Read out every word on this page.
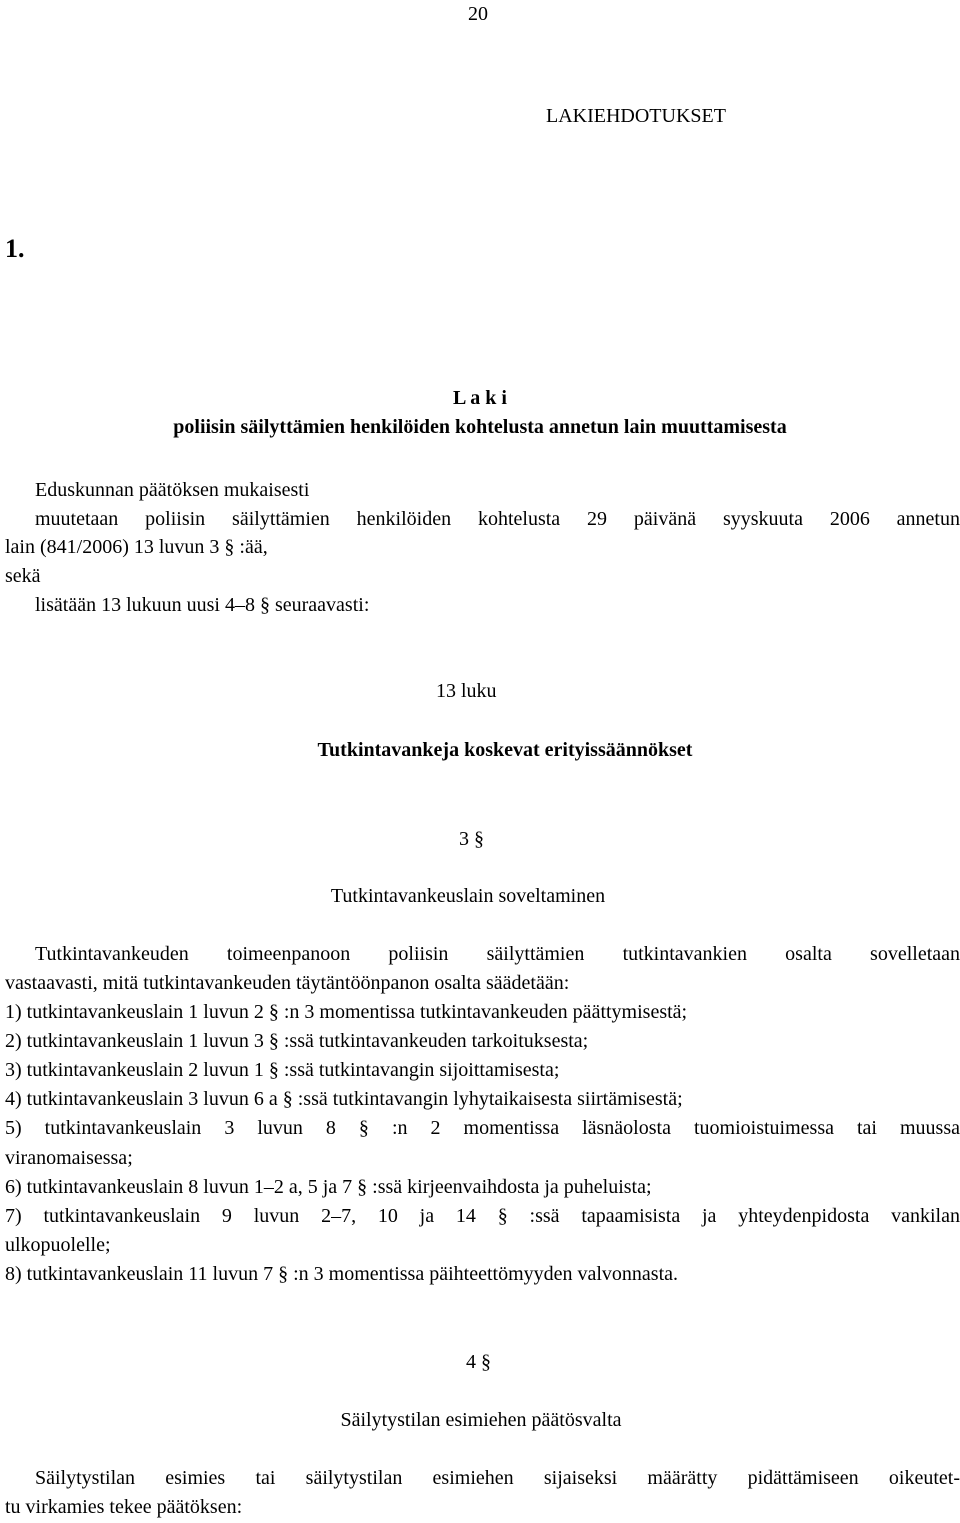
20
LAKIEHDOTUKSET
1.
L a k i
poliisin säilyttämien henkilöiden kohtelusta annetun lain muuttamisesta
Eduskunnan päätöksen mukaisesti
muutetaan poliisin säilyttämien henkilöiden kohtelusta 29 päivänä syyskuuta 2006 annetun
lain (841/2006) 13 luvun 3 § :ää,
sekä
lisätään 13 lukuun uusi 4–8 § seuraavasti:
13 luku
Tutkintavankeja koskevat erityissäännökset
3 §
Tutkintavankeuslain soveltaminen
Tutkintavankeuden toimeenpanoon poliisin säilyttämien tutkintavankien osalta sovelletaan
vastaavasti, mitä tutkintavankeuden täytäntöönpanon osalta säädetään:
1) tutkintavankeuslain 1 luvun 2 § :n 3 momentissa tutkintavankeuden päättymisestä;
2) tutkintavankeuslain 1 luvun 3 § :ssä tutkintavankeuden tarkoituksesta;
3) tutkintavankeuslain 2 luvun 1 § :ssä tutkintavangin sijoittamisesta;
4) tutkintavankeuslain 3 luvun 6 a § :ssä tutkintavangin lyhytaikaisesta siirtämisestä;
5) tutkintavankeuslain 3 luvun 8 § :n 2 momentissa läsnäolosta tuomioistuimessa tai muussa
viranomaisessa;
6) tutkintavankeuslain 8 luvun 1–2 a, 5 ja 7 § :ssä kirjeenvaihdosta ja puheluista;
7) tutkintavankeuslain 9 luvun 2–7, 10 ja 14 § :ssä tapaamisista ja yhteydenpidosta vankilan
ulkopuolelle;
8) tutkintavankeuslain 11 luvun 7 § :n 3 momentissa päihteettömyyden valvonnasta.
4 §
Säilytystilan esimiehen päätösvalta
Säilytystilan esimies tai säilytystilan esimiehen sijaiseksi määrätty pidättämiseen oikeutet-
tu virkamies tekee päätöksen:
